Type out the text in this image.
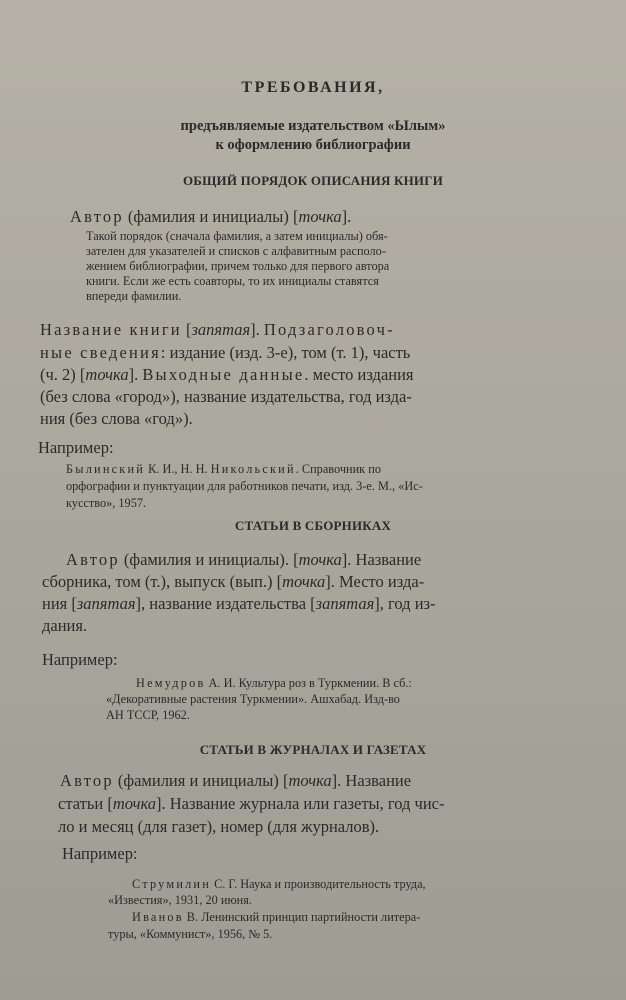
ТРЕБОВАНИЯ,

предъявляемые издательством «Ылым»

к оформлению библиографии

ОБЩИЙ ПОРЯДОК ОПИСАНИЯ КНИГИ

Автор (фамилия и инициалы) [точка].

Такой порядок (сначала фамилия, а затем инициалы) обя-

зателен для указателей и списков с алфавитным располо-

жением библиографии, причем только для первого автора

книги. Если же есть соавторы, то их инициалы ставятся

впереди фамилии.

Название книги [запятая]. Подзаголовоч-

ные сведения: издание (изд. 3-е), том (т. 1), часть

(ч. 2) [точка]. Выходные данные. место издания

(без слова «город»), название издательства, год изда-

ния (без слова «год»).

Например:

Былинский К. И., Н. Н. Никольский. Справочник по

орфографии и пунктуации для работников печати, изд. 3-е. М., «Ис-

кусство», 1957.

СТАТЬИ В СБОРНИКАХ

Автор (фамилия и инициалы). [точка]. Название

сборника, том (т.), выпуск (вып.) [точка]. Место изда-

ния [запятая], название издательства [запятая], год из-

дания.

Например:

Немудров А. И. Культура роз в Туркмении. В сб.:

«Декоративные растения Туркмении». Ашхабад. Изд-во

АН ТССР, 1962.

СТАТЬИ В ЖУРНАЛАХ И ГАЗЕТАХ

Автор (фамилия и инициалы) [точка]. Название

статьи [точка]. Название журнала или газеты, год чис-

ло и месяц (для газет), номер (для журналов).

Например:

Струмилин С. Г. Наука и производительность труда,

«Известия», 1931, 20 июня.

Иванов В. Ленинский принцип партийности литера-

туры, «Коммунист», 1956, № 5.
